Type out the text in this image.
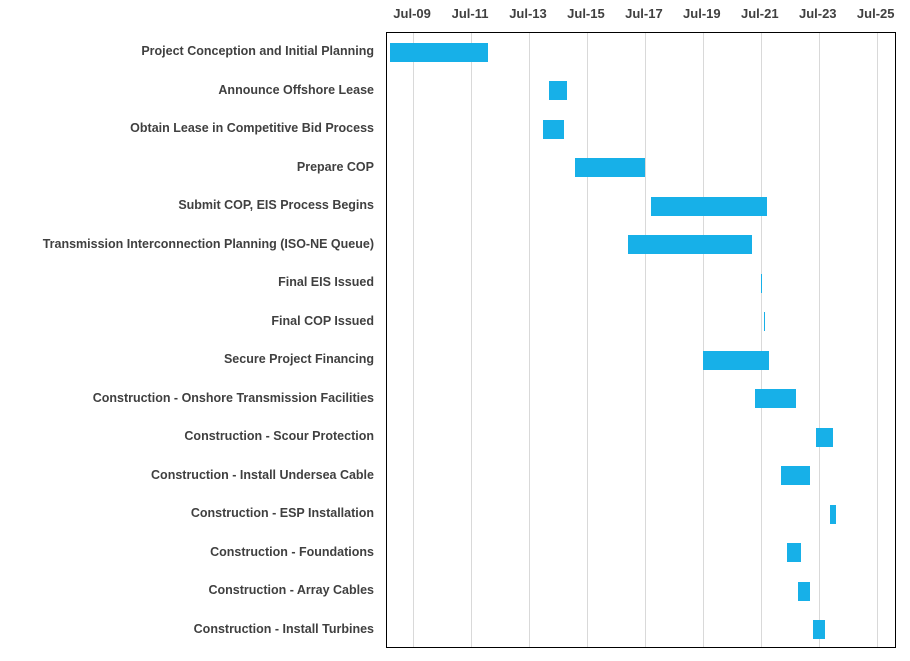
Jul-09 Jul-11 Jul-13 Jul-15 Jul-17 Jul-19 Jul-21 Jul-23 Jul-25
Project Conception and Initial Planning
Announce Offshore Lease
Obtain Lease in Competitive Bid Process
Prepare COP
Submit COP, EIS Process Begins
Transmission Interconnection Planning (ISO-NE Queue)
Final EIS Issued
Final COP Issued
Secure Project Financing
Construction - Onshore Transmission Facilities
Construction - Scour Protection
Construction - Install Undersea Cable
Construction - ESP Installation
Construction - Foundations
Construction - Array Cables
Construction - Install Turbines
